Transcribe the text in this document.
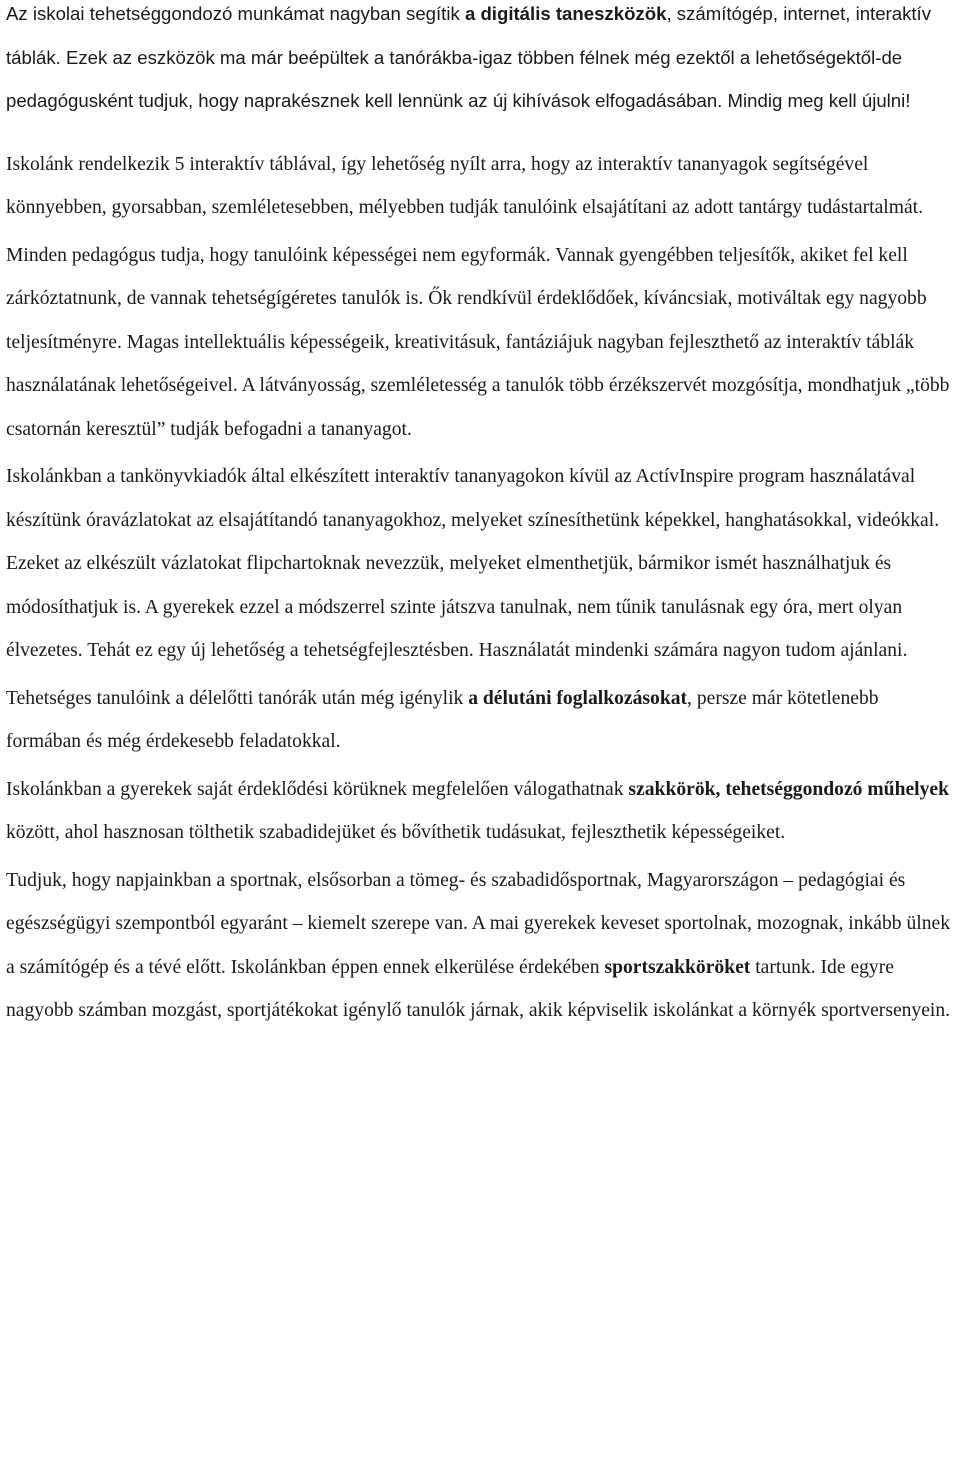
Az iskolai tehetséggondozó munkámat nagyban segítik a digitális taneszközök, számítógép, internet, interaktív táblák. Ezek az eszközök ma már beépültek a tanórákba-igaz többen félnek még ezektől a lehetőségektől-de pedagógusként tudjuk, hogy naprakésznek kell lennünk az új kihívások elfogadásában. Mindig meg kell újulni!

Iskolánk rendelkezik 5 interaktív táblával, így lehetőség nyílt arra, hogy az interaktív tananyagok segítségével könnyebben, gyorsabban, szemléletesebben, mélyebben tudják tanulóink elsajátítani az adott tantárgy tudástartalmát.

Minden pedagógus tudja, hogy tanulóink képességei nem egyformák. Vannak gyengébben teljesítők, akiket fel kell zárkóztatnunk, de vannak tehetségígéretes tanulók is. Ők rendkívül érdeklődőek, kíváncsiak, motiváltak egy nagyobb teljesítményre. Magas intellektuális képességeik, kreativitásuk, fantáziájuk nagyban fejleszthető az interaktív táblák használatának lehetőségeivel. A látványosság, szemléletesség a tanulók több érzékszervét mozgósítja, mondhatjuk „több csatornán keresztül” tudják befogadni a tananyagot.

Iskolánkban a tankönyvkiadók által elkészített interaktív tananyagokon kívül az ActívInspire program használatával készítünk óravázlatokat az elsajátítandó tananyagokhoz, melyeket színesíthetünk képekkel, hanghatásokkal, videókkal. Ezeket az elkészült vázlatokat flipchartoknak nevezzük, melyeket elmenthetjük, bármikor ismét használhatjuk és módosíthatjuk is. A gyerekek ezzel a módszerrel szinte játszva tanulnak, nem tűnik tanulásnak egy óra, mert olyan élvezetes. Tehát ez egy új lehetőség a tehetségfejlesztésben. Használatát mindenki számára nagyon tudom ajánlani.

Tehetséges tanulóink a délelőtti tanórák után még igénylik a délutáni foglalkozásokat, persze már kötetlenebb formában és még érdekesebb feladatokkal.

Iskolánkban a gyerekek saját érdeklődési körüknek megfelelően válogathatnak szakkörök, tehetséggondozó műhelyek között, ahol hasznosan tölthetik szabadidejüket és bővíthetik tudásukat, fejleszthetik képességeiket.

Tudjuk, hogy napjainkban a sportnak, elsősorban a tömeg- és szabadidősportnak, Magyarországon – pedagógiai és egészségügyi szempontból egyaránt – kiemelt szerepe van. A mai gyerekek keveset sportolnak, mozognak, inkább ülnek a számítógép és a tévé előtt. Iskolánkban éppen ennek elkerülése érdekében sportszakköröket tartunk. Ide egyre nagyobb számban mozgást, sportjátékokat igénylő tanulók járnak, akik képviselik iskolánkat a környék sportversenyein.
